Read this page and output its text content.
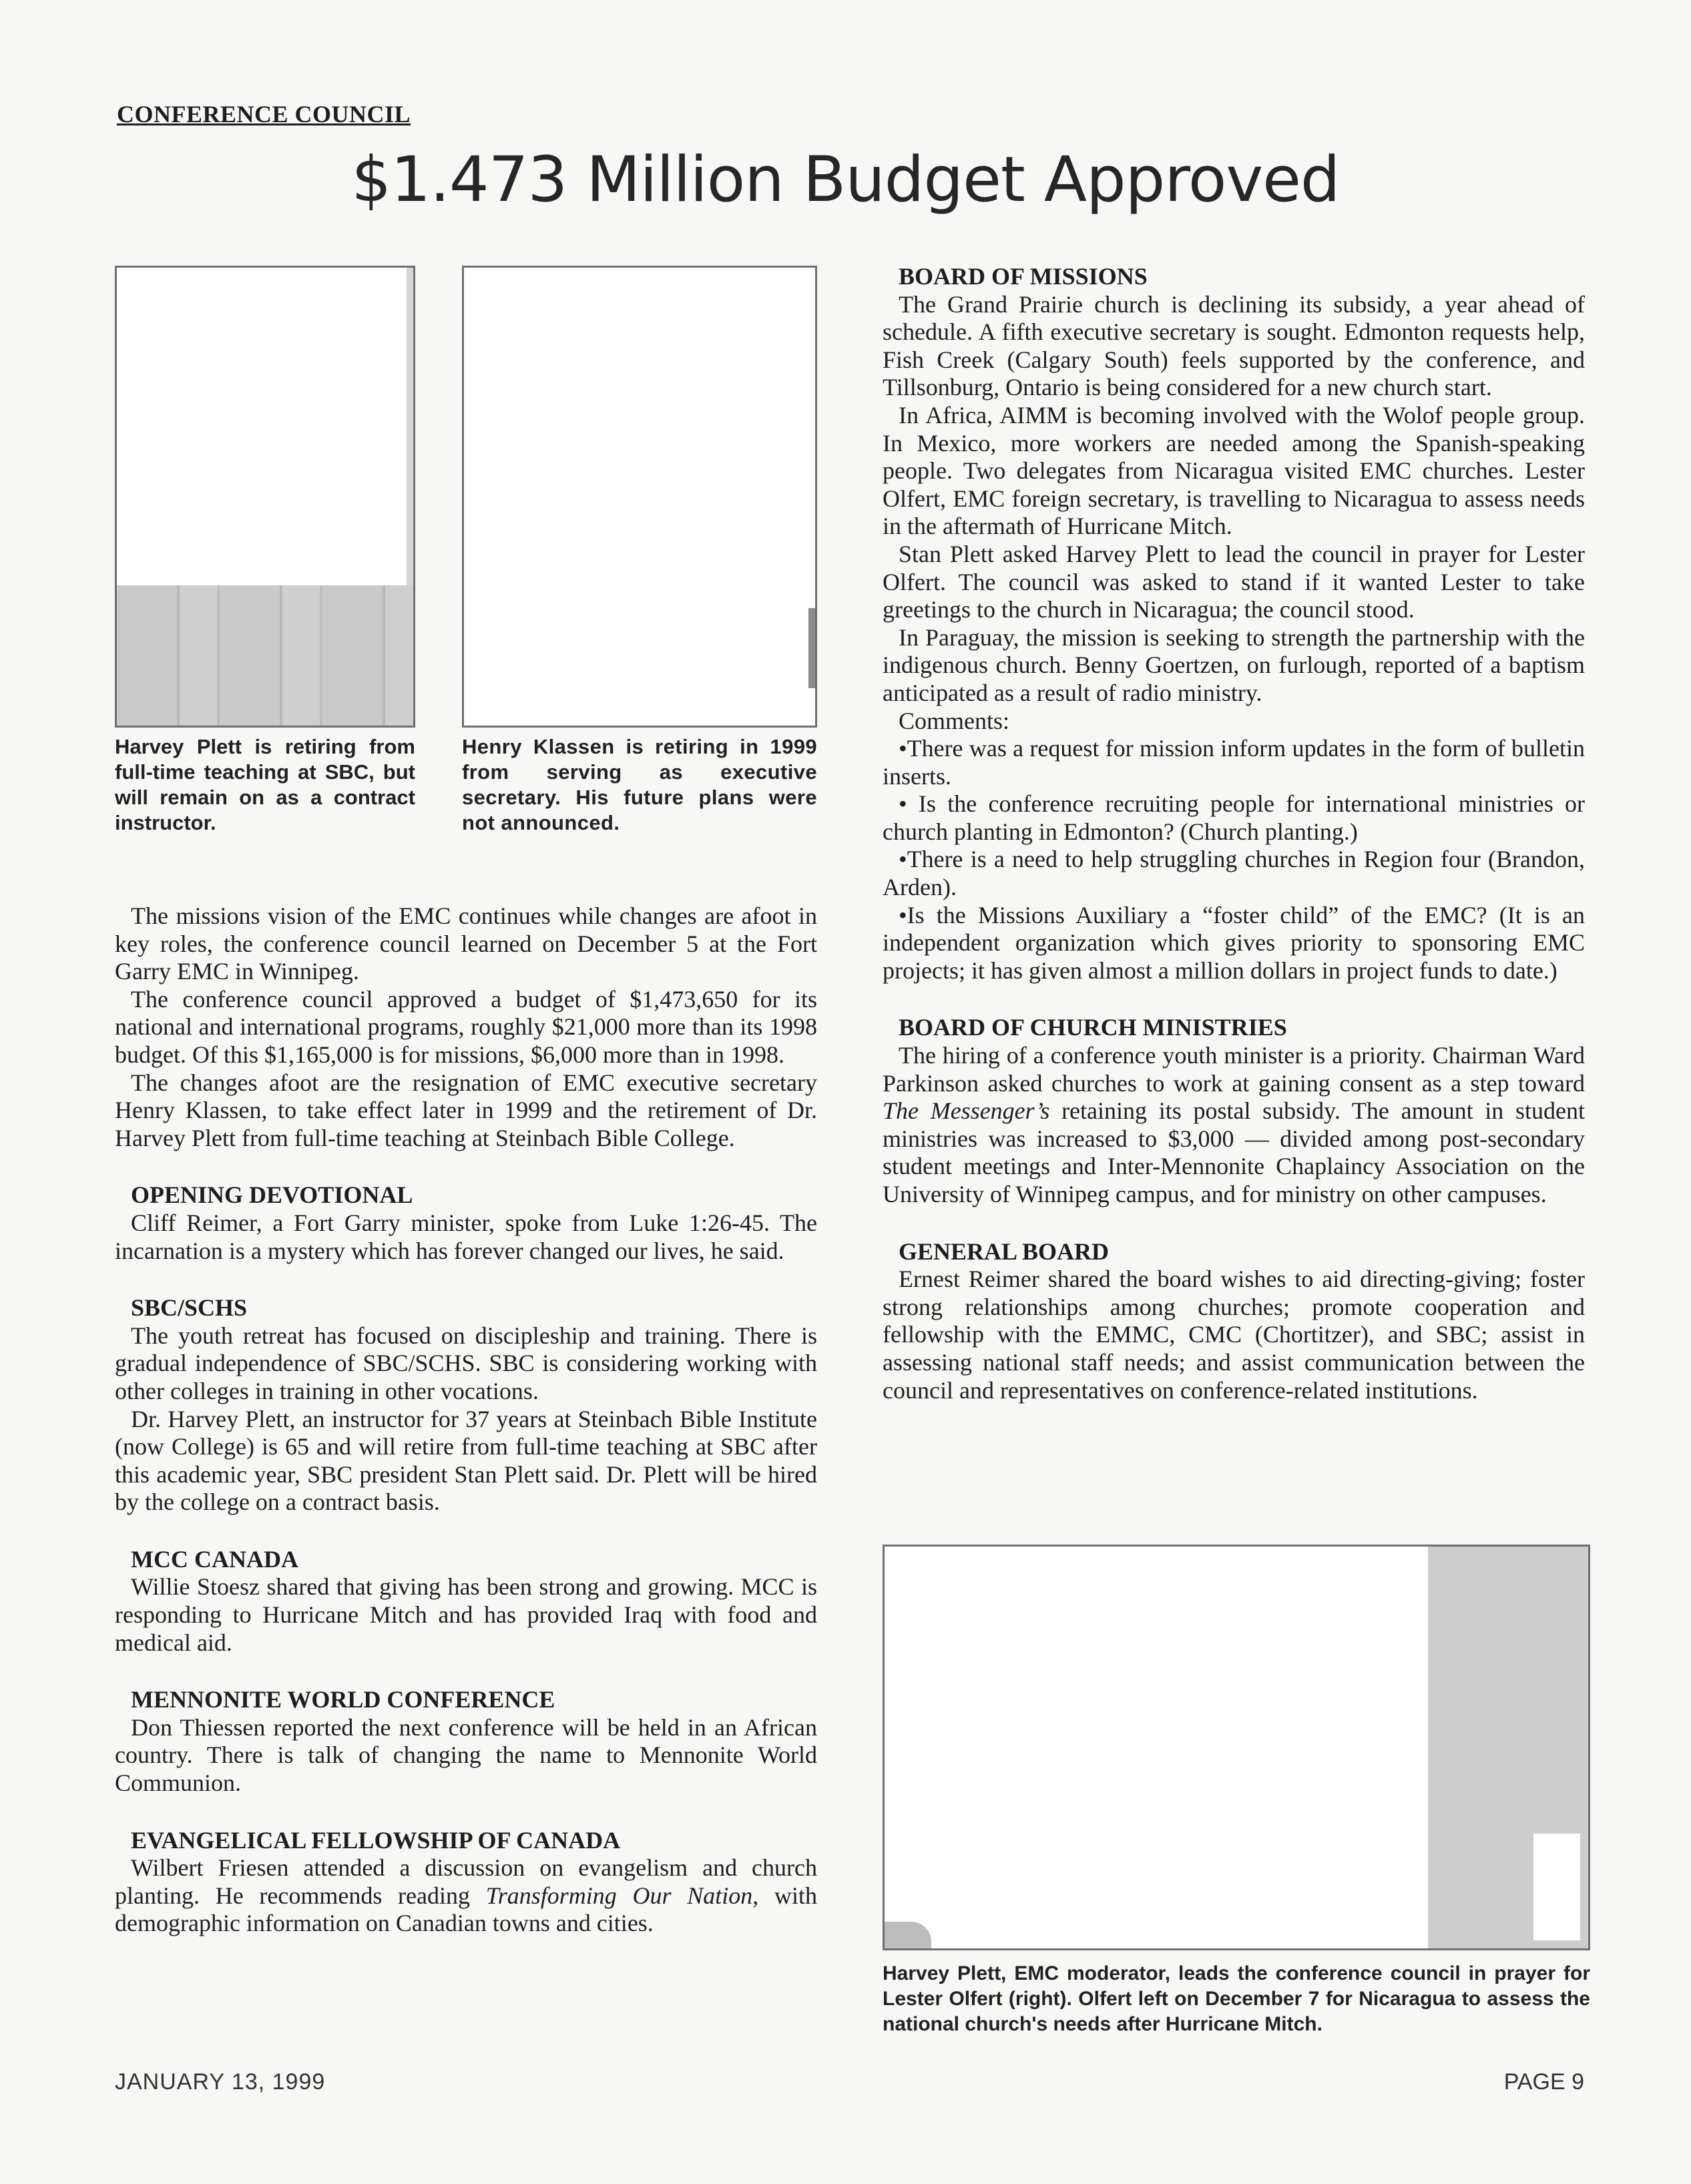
CONFERENCE COUNCIL
$1.473 Million Budget Approved
Harvey Plett is retiring from full-time teaching at SBC, but will remain on as a contract instructor.
Henry Klassen is retiring in 1999 from serving as executive secretary. His future plans were not announced.

The missions vision of the EMC continues while changes are afoot in key roles, the conference council learned on December 5 at the Fort Garry EMC in Winnipeg.

The conference council approved a budget of $1,473,650 for its national and international programs, roughly $21,000 more than its 1998 budget. Of this $1,165,000 is for missions, $6,000 more than in 1998.

The changes afoot are the resignation of EMC executive secretary Henry Klassen, to take effect later in 1999 and the retirement of Dr. Harvey Plett from full-time teaching at Steinbach Bible College.

OPENING DEVOTIONAL

Cliff Reimer, a Fort Garry minister, spoke from Luke 1:26-45. The incarnation is a mystery which has forever changed our lives, he said.

SBC/SCHS

The youth retreat has focused on discipleship and training. There is gradual independence of SBC/SCHS. SBC is considering working with other colleges in training in other vocations.

Dr. Harvey Plett, an instructor for 37 years at Steinbach Bible Institute (now College) is 65 and will retire from full-time teaching at SBC after this academic year, SBC president Stan Plett said. Dr. Plett will be hired by the college on a contract basis.

MCC CANADA

Willie Stoesz shared that giving has been strong and growing. MCC is responding to Hurricane Mitch and has provided Iraq with food and medical aid.

MENNONITE WORLD CONFERENCE

Don Thiessen reported the next conference will be held in an African country. There is talk of changing the name to Mennonite World Communion.

EVANGELICAL FELLOWSHIP OF CANADA

Wilbert Friesen attended a discussion on evangelism and church planting. He recommends reading Transforming Our Nation, with demographic information on Canadian towns and cities.

BOARD OF MISSIONS

The Grand Prairie church is declining its subsidy, a year ahead of schedule. A fifth executive secretary is sought. Edmonton requests help, Fish Creek (Calgary South) feels supported by the conference, and Tillsonburg, Ontario is being considered for a new church start.

In Africa, AIMM is becoming involved with the Wolof people group. In Mexico, more workers are needed among the Spanish-speaking people. Two delegates from Nicaragua visited EMC churches. Lester Olfert, EMC foreign secretary, is travelling to Nicaragua to assess needs in the aftermath of Hurricane Mitch.

Stan Plett asked Harvey Plett to lead the council in prayer for Lester Olfert. The council was asked to stand if it wanted Lester to take greetings to the church in Nicaragua; the council stood.

In Paraguay, the mission is seeking to strength the partnership with the indigenous church. Benny Goertzen, on furlough, reported of a baptism anticipated as a result of radio ministry.

Comments:

•There was a request for mission inform updates in the form of bulletin inserts.

• Is the conference recruiting people for international ministries or church planting in Edmonton? (Church planting.)

•There is a need to help struggling churches in Region four (Brandon, Arden).

•Is the Missions Auxiliary a “foster child” of the EMC? (It is an independent organization which gives priority to sponsoring EMC projects; it has given almost a million dollars in project funds to date.)

BOARD OF CHURCH MINISTRIES

The hiring of a conference youth minister is a priority. Chairman Ward Parkinson asked churches to work at gaining consent as a step toward The Messenger’s retaining its postal subsidy. The amount in student ministries was increased to $3,000 — divided among post-secondary student meetings and Inter-Mennonite Chaplaincy Association on the University of Winnipeg campus, and for ministry on other campuses.

GENERAL BOARD

Ernest Reimer shared the board wishes to aid directing-giving; foster strong relationships among churches; promote cooperation and fellowship with the EMMC, CMC (Chortitzer), and SBC; assist in assessing national staff needs; and assist communication between the council and representatives on conference-related institutions.

Harvey Plett, EMC moderator, leads the conference council in prayer for Lester Olfert (right). Olfert left on December 7 for Nicaragua to assess the national church's needs after Hurricane Mitch.
JANUARY 13, 1999	PAGE 9
